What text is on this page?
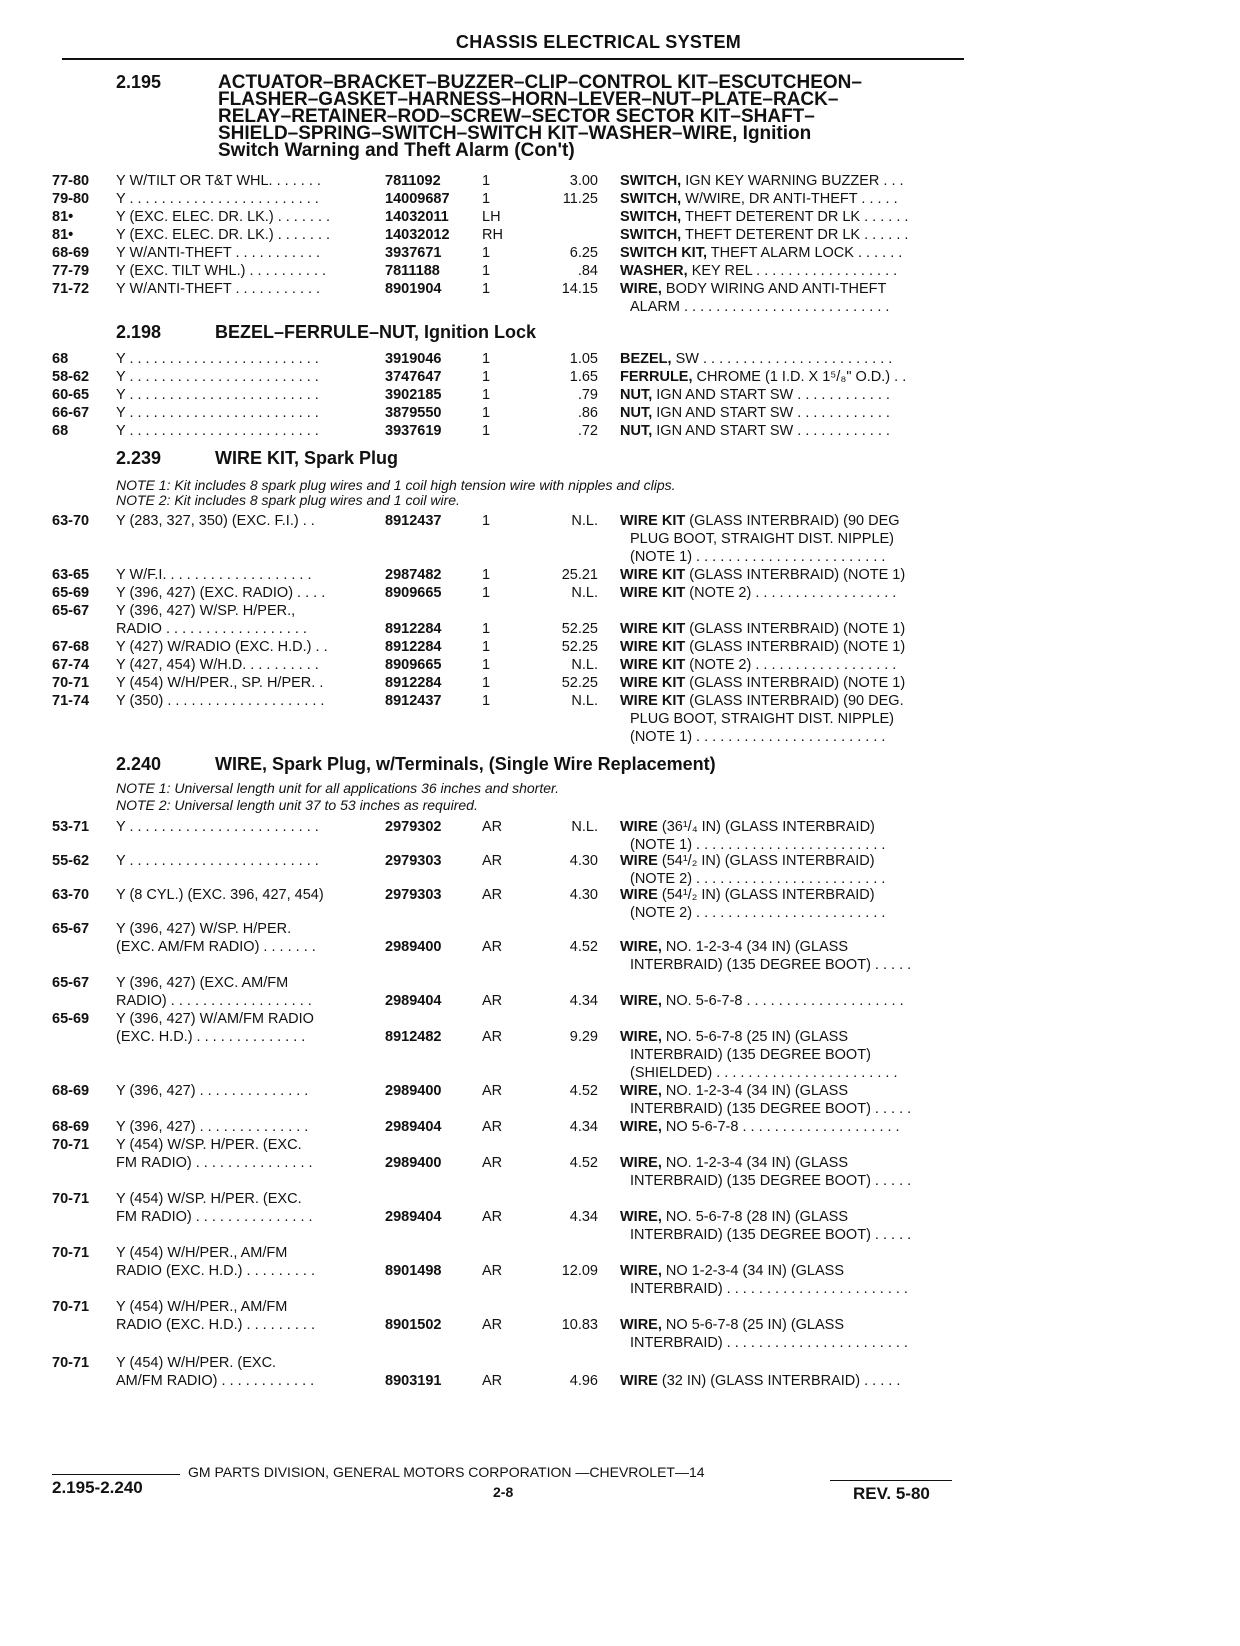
CHASSIS ELECTRICAL SYSTEM
2.195	ACTUATOR–BRACKET–BUZZER–CLIP–CONTROL KIT–ESCUTCHEON–
FLASHER–GASKET–HARNESS–HORN–LEVER–NUT–PLATE–RACK–
RELAY–RETAINER–ROD–SCREW–SECTOR SECTOR KIT–SHAFT–
SHIELD–SPRING–SWITCH–SWITCH KIT–WASHER–WIRE, Ignition
Switch Warning and Theft Alarm (Con't)
77-80 Y W/TILT OR T&T WHL. . . . . . .	7811092	1	3.00 SWITCH, IGN KEY WARNING BUZZER . . .
79-80 Y . . . . . . . . . . . . . . . . . . . . . . . .	14009687 1	11.25 SWITCH, W/WIRE, DR ANTI-THEFT . . . . .
81•	Y (EXC. ELEC. DR. LK.) . . . . . . .	14032011 LH	SWITCH, THEFT DETERENT DR LK . . . . . .
81•	Y (EXC. ELEC. DR. LK.) . . . . . . .	14032012 RH	SWITCH, THEFT DETERENT DR LK . . . . . .
68-69 Y W/ANTI-THEFT . . . . . . . . . . .	3937671	1	6.25 SWITCH KIT, THEFT ALARM LOCK . . . . . .
77-79 Y (EXC. TILT WHL.) . . . . . . . . . .	7811188	1	.84 WASHER, KEY REL . . . . . . . . . . . . . . . . . .
71-72 Y W/ANTI-THEFT . . . . . . . . . . .	8901904	1	14.15 WIRE, BODY WIRING AND ANTI-THEFT
ALARM . . . . . . . . . . . . . . . . . . . . . . . . . .
2.198	BEZEL–FERRULE–NUT, Ignition Lock
68	Y . . . . . . . . . . . . . . . . . . . . . . . .	3919046	1	1.05 BEZEL, SW . . . . . . . . . . . . . . . . . . . . . . . .
58-62 Y . . . . . . . . . . . . . . . . . . . . . . . .	3747647	1	1.65 FERRULE, CHROME (1 I.D. X 1⁵/₈" O.D.) . .
60-65 Y . . . . . . . . . . . . . . . . . . . . . . . .	3902185	1	.79 NUT, IGN AND START SW . . . . . . . . . . . .
66-67 Y . . . . . . . . . . . . . . . . . . . . . . . .	3879550	1	.86 NUT, IGN AND START SW . . . . . . . . . . . .
68	Y . . . . . . . . . . . . . . . . . . . . . . . .	3937619	1	.72 NUT, IGN AND START SW . . . . . . . . . . . .
2.239	WIRE KIT, Spark Plug
NOTE 1: Kit includes 8 spark plug wires and 1 coil high tension wire with nipples and clips.
NOTE 2: Kit includes 8 spark plug wires and 1 coil wire.
63-70 Y (283, 327, 350) (EXC. F.I.) . .	8912437	1	N.L. WIRE KIT (GLASS INTERBRAID) (90 DEG
PLUG BOOT, STRAIGHT DIST. NIPPLE)
(NOTE 1) . . . . . . . . . . . . . . . . . . . . . . . .
63-65 Y W/F.I. . . . . . . . . . . . . . . . . . .	2987482	1	25.21 WIRE KIT (GLASS INTERBRAID) (NOTE 1)
65-69 Y (396, 427) (EXC. RADIO) . . . .	8909665	1	N.L. WIRE KIT (NOTE 2) . . . . . . . . . . . . . . . . . .
65-67 Y (396, 427) W/SP. H/PER.,
RADIO . . . . . . . . . . . . . . . . . .	8912284	1	52.25 WIRE KIT (GLASS INTERBRAID) (NOTE 1)
67-68 Y (427) W/RADIO (EXC. H.D.) . .	8912284	1	52.25 WIRE KIT (GLASS INTERBRAID) (NOTE 1)
67-74 Y (427, 454) W/H.D. . . . . . . . . .	8909665	1	N.L. WIRE KIT (NOTE 2) . . . . . . . . . . . . . . . . . .
70-71 Y (454) W/H/PER., SP. H/PER. .	8912284	1	52.25 WIRE KIT (GLASS INTERBRAID) (NOTE 1)
71-74 Y (350) . . . . . . . . . . . . . . . . . . . .	8912437	1	N.L. WIRE KIT (GLASS INTERBRAID) (90 DEG.
PLUG BOOT, STRAIGHT DIST. NIPPLE)
(NOTE 1) . . . . . . . . . . . . . . . . . . . . . . . .
2.240	WIRE, Spark Plug, w/Terminals, (Single Wire Replacement)
NOTE 1: Universal length unit for all applications 36 inches and shorter.
NOTE 2: Universal length unit 37 to 53 inches as required.
53-71 Y . . . . . . . . . . . . . . . . . . . . . . . .	2979302	AR	N.L. WIRE (36¹/₄ IN) (GLASS INTERBRAID)
(NOTE 1) . . . . . . . . . . . . . . . . . . . . . . . .
55-62 Y . . . . . . . . . . . . . . . . . . . . . . . .	2979303	AR	4.30 WIRE (54¹/₂ IN) (GLASS INTERBRAID)
(NOTE 2) . . . . . . . . . . . . . . . . . . . . . . . .
63-70 Y (8 CYL.) (EXC. 396, 427, 454)	2979303	AR	4.30 WIRE (54¹/₂ IN) (GLASS INTERBRAID)
(NOTE 2) . . . . . . . . . . . . . . . . . . . . . . . .
65-67 Y (396, 427) W/SP. H/PER.
(EXC. AM/FM RADIO) . . . . . . .	2989400	AR	4.52 WIRE, NO. 1-2-3-4 (34 IN) (GLASS
INTERBRAID) (135 DEGREE BOOT) . . . . .
65-67 Y (396, 427) (EXC. AM/FM
RADIO) . . . . . . . . . . . . . . . . . .	2989404	AR	4.34 WIRE, NO. 5-6-7-8 . . . . . . . . . . . . . . . . . . . .
65-69 Y (396, 427) W/AM/FM RADIO
(EXC. H.D.) . . . . . . . . . . . . . .	8912482	AR	9.29 WIRE, NO. 5-6-7-8 (25 IN) (GLASS
INTERBRAID) (135 DEGREE BOOT)
(SHIELDED) . . . . . . . . . . . . . . . . . . . . . . .
68-69 Y (396, 427) . . . . . . . . . . . . . .	2989400	AR	4.52 WIRE, NO. 1-2-3-4 (34 IN) (GLASS
INTERBRAID) (135 DEGREE BOOT) . . . . .
68-69 Y (396, 427) . . . . . . . . . . . . . .	2989404	AR	4.34 WIRE, NO 5-6-7-8 . . . . . . . . . . . . . . . . . . . .
70-71 Y (454) W/SP. H/PER. (EXC.
FM RADIO) . . . . . . . . . . . . . . .	2989400	AR	4.52 WIRE, NO. 1-2-3-4 (34 IN) (GLASS
INTERBRAID) (135 DEGREE BOOT) . . . . .
70-71 Y (454) W/SP. H/PER. (EXC.
FM RADIO) . . . . . . . . . . . . . . .	2989404	AR	4.34 WIRE, NO. 5-6-7-8 (28 IN) (GLASS
INTERBRAID) (135 DEGREE BOOT) . . . . .
70-71 Y (454) W/H/PER., AM/FM
RADIO (EXC. H.D.) . . . . . . . . .	8901498	AR	12.09 WIRE, NO 1-2-3-4 (34 IN) (GLASS
INTERBRAID) . . . . . . . . . . . . . . . . . . . . . . .
70-71 Y (454) W/H/PER., AM/FM
RADIO (EXC. H.D.) . . . . . . . . .	8901502	AR	10.83 WIRE, NO 5-6-7-8 (25 IN) (GLASS
INTERBRAID) . . . . . . . . . . . . . . . . . . . . . . .
70-71 Y (454) W/H/PER. (EXC.
AM/FM RADIO) . . . . . . . . . . . .	8903191	AR	4.96 WIRE (32 IN) (GLASS INTERBRAID) . . . . .
GM PARTS DIVISION, GENERAL MOTORS CORPORATION —CHEVROLET—14
2.195-2.240	2-8	REV. 5-80
